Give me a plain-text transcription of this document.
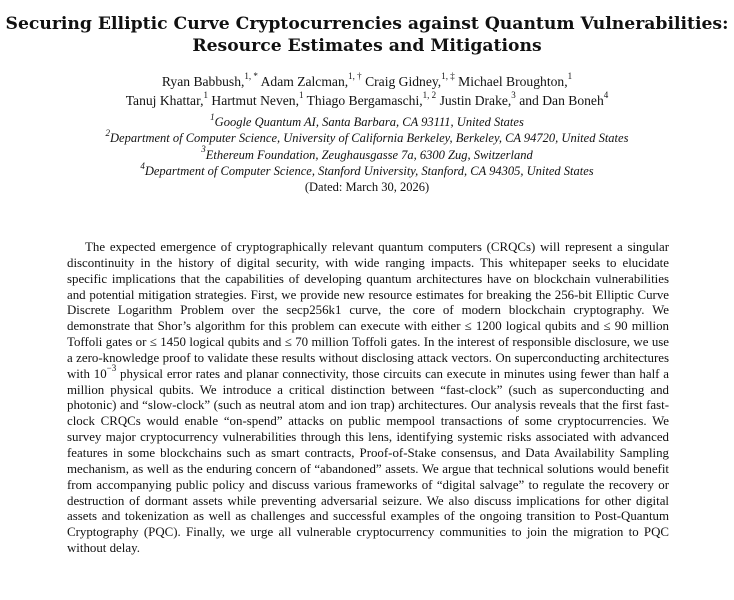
Securing Elliptic Curve Cryptocurrencies against Quantum Vulnerabilities:
Resource Estimates and Mitigations
Ryan Babbush,$^{1, *}$ Adam Zalcman,$^{1, \dagger}$ Craig Gidney,$^{1, \ddagger}$ Michael Broughton,$^1$
Tanuj Khattar,$^1$ Hartmut Neven,$^1$ Thiago Bergamaschi,$^{1, 2}$ Justin Drake,$^3$ and Dan Boneh$^4$
$^1$Google Quantum AI, Santa Barbara, CA 93111, United States
$^2$Department of Computer Science, University of California Berkeley, Berkeley, CA 94720, United States
$^3$Ethereum Foundation, Zeughausgasse 7a, 6300 Zug, Switzerland
$^4$Department of Computer Science, Stanford University, Stanford, CA 94305, United States
(Dated: March 30, 2026)

The expected emergence of cryptographically relevant quantum computers (CRQCs) will represent a singular discontinuity in the history of digital security, with wide ranging impacts. This whitepaper seeks to elucidate specific implications that the capabilities of developing quantum architectures have on blockchain vulnerabilities and potential mitigation strategies. First, we provide new resource estimates for breaking the 256-bit Elliptic Curve Discrete Logarithm Problem over the secp256k1 curve, the core of modern blockchain cryptography. We demonstrate that Shor’s algorithm for this problem can execute with either ≤ 1200 logical qubits and ≤ 90 million Toffoli gates or ≤ 1450 logical qubits and ≤ 70 million Toffoli gates. In the interest of responsible disclosure, we use a zero-knowledge proof to validate these results without disclosing attack vectors. On superconducting architectures with $10^{-3}$ physical error rates and planar connectivity, those circuits can execute in minutes using fewer than half a million physical qubits. We introduce a critical distinction between “fast-clock” (such as superconducting and photonic) and “slow-clock” (such as neutral atom and ion trap) architectures. Our analysis reveals that the first fast-clock CRQCs would enable “on-spend” attacks on public mempool transactions of some cryptocurrencies. We survey major cryptocurrency vulnerabilities through this lens, identifying systemic risks associated with advanced features in some blockchains such as smart contracts, Proof-of-Stake consensus, and Data Availability Sampling mechanism, as well as the enduring concern of “abandoned” assets. We argue that technical solutions would benefit from accompanying public policy and discuss various frameworks of “digital salvage” to regulate the recovery or destruction of dormant assets while preventing adversarial seizure. We also discuss implications for other digital assets and tokenization as well as challenges and successful examples of the ongoing transition to Post-Quantum Cryptography (PQC). Finally, we urge all vulnerable cryptocurrency communities to join the migration to PQC without delay.
